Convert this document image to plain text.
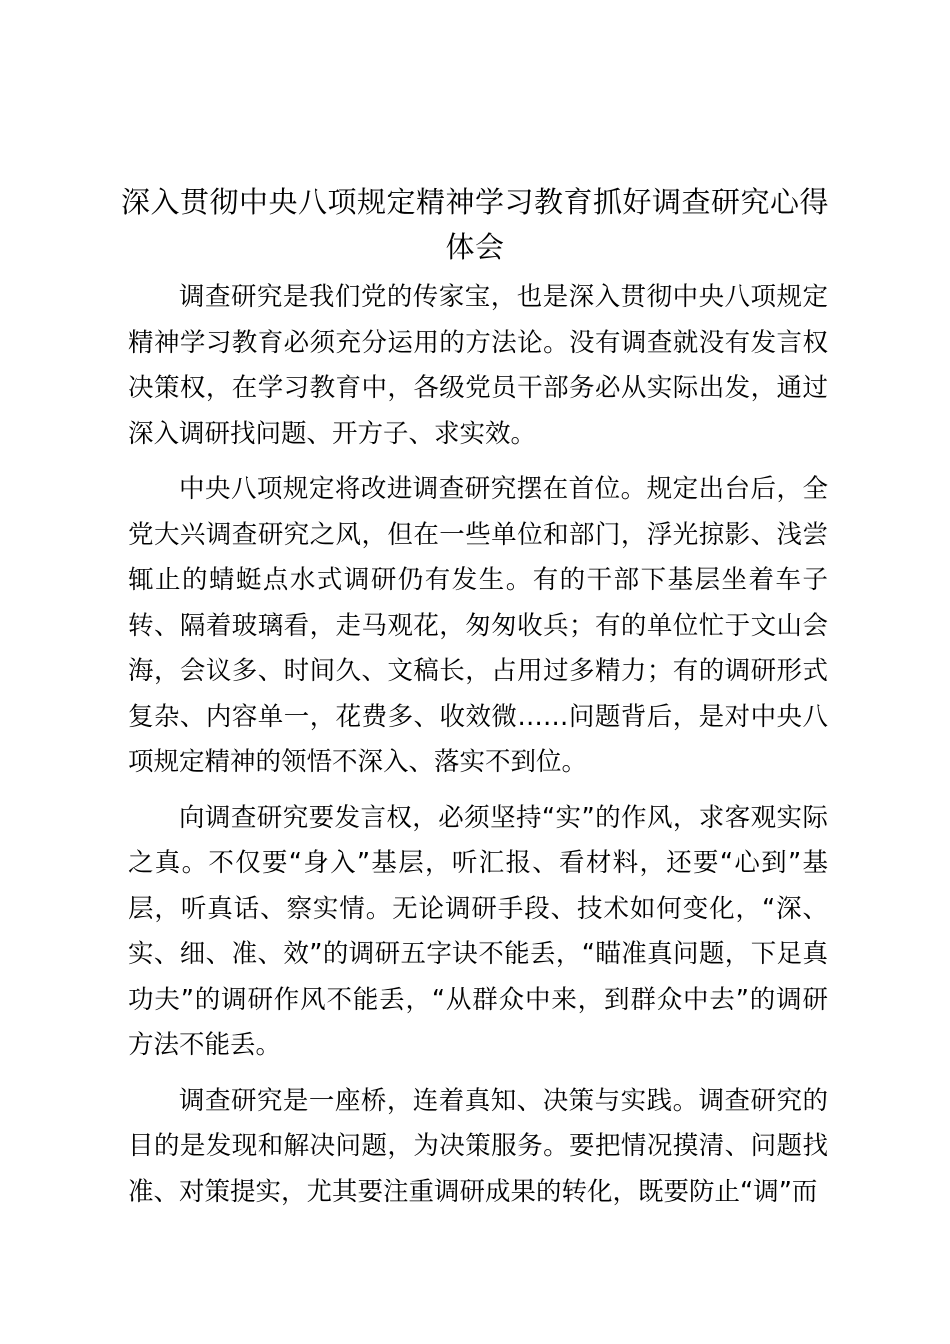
深入贯彻中央八项规定精神学习教育抓好调查研究心得体会

调查研究是我们党的传家宝，也是深入贯彻中央八项规定精神学习教育必须充分运用的方法论。没有调查就没有发言权决策权，在学习教育中，各级党员干部务必从实际出发，通过深入调研找问题、开方子、求实效。

中央八项规定将改进调查研究摆在首位。规定出台后，全党大兴调查研究之风，但在一些单位和部门，浮光掠影、浅尝辄止的蜻蜓点水式调研仍有发生。有的干部下基层坐着车子转、隔着玻璃看，走马观花，匆匆收兵；有的单位忙于文山会海，会议多、时间久、文稿长，占用过多精力；有的调研形式复杂、内容单一，花费多、收效微……问题背后，是对中央八项规定精神的领悟不深入、落实不到位。

向调查研究要发言权，必须坚持“实”的作风，求客观实际之真。不仅要“身入”基层，听汇报、看材料，还要“心到”基层，听真话、察实情。无论调研手段、技术如何变化，“深、实、细、准、效”的调研五字诀不能丢，“瞄准真问题，下足真功夫”的调研作风不能丢，“从群众中来，到群众中去”的调研方法不能丢。

调查研究是一座桥，连着真知、决策与实践。调查研究的目的是发现和解决问题，为决策服务。要把情况摸清、问题找准、对策提实，尤其要注重调研成果的转化，既要防止“调”而
